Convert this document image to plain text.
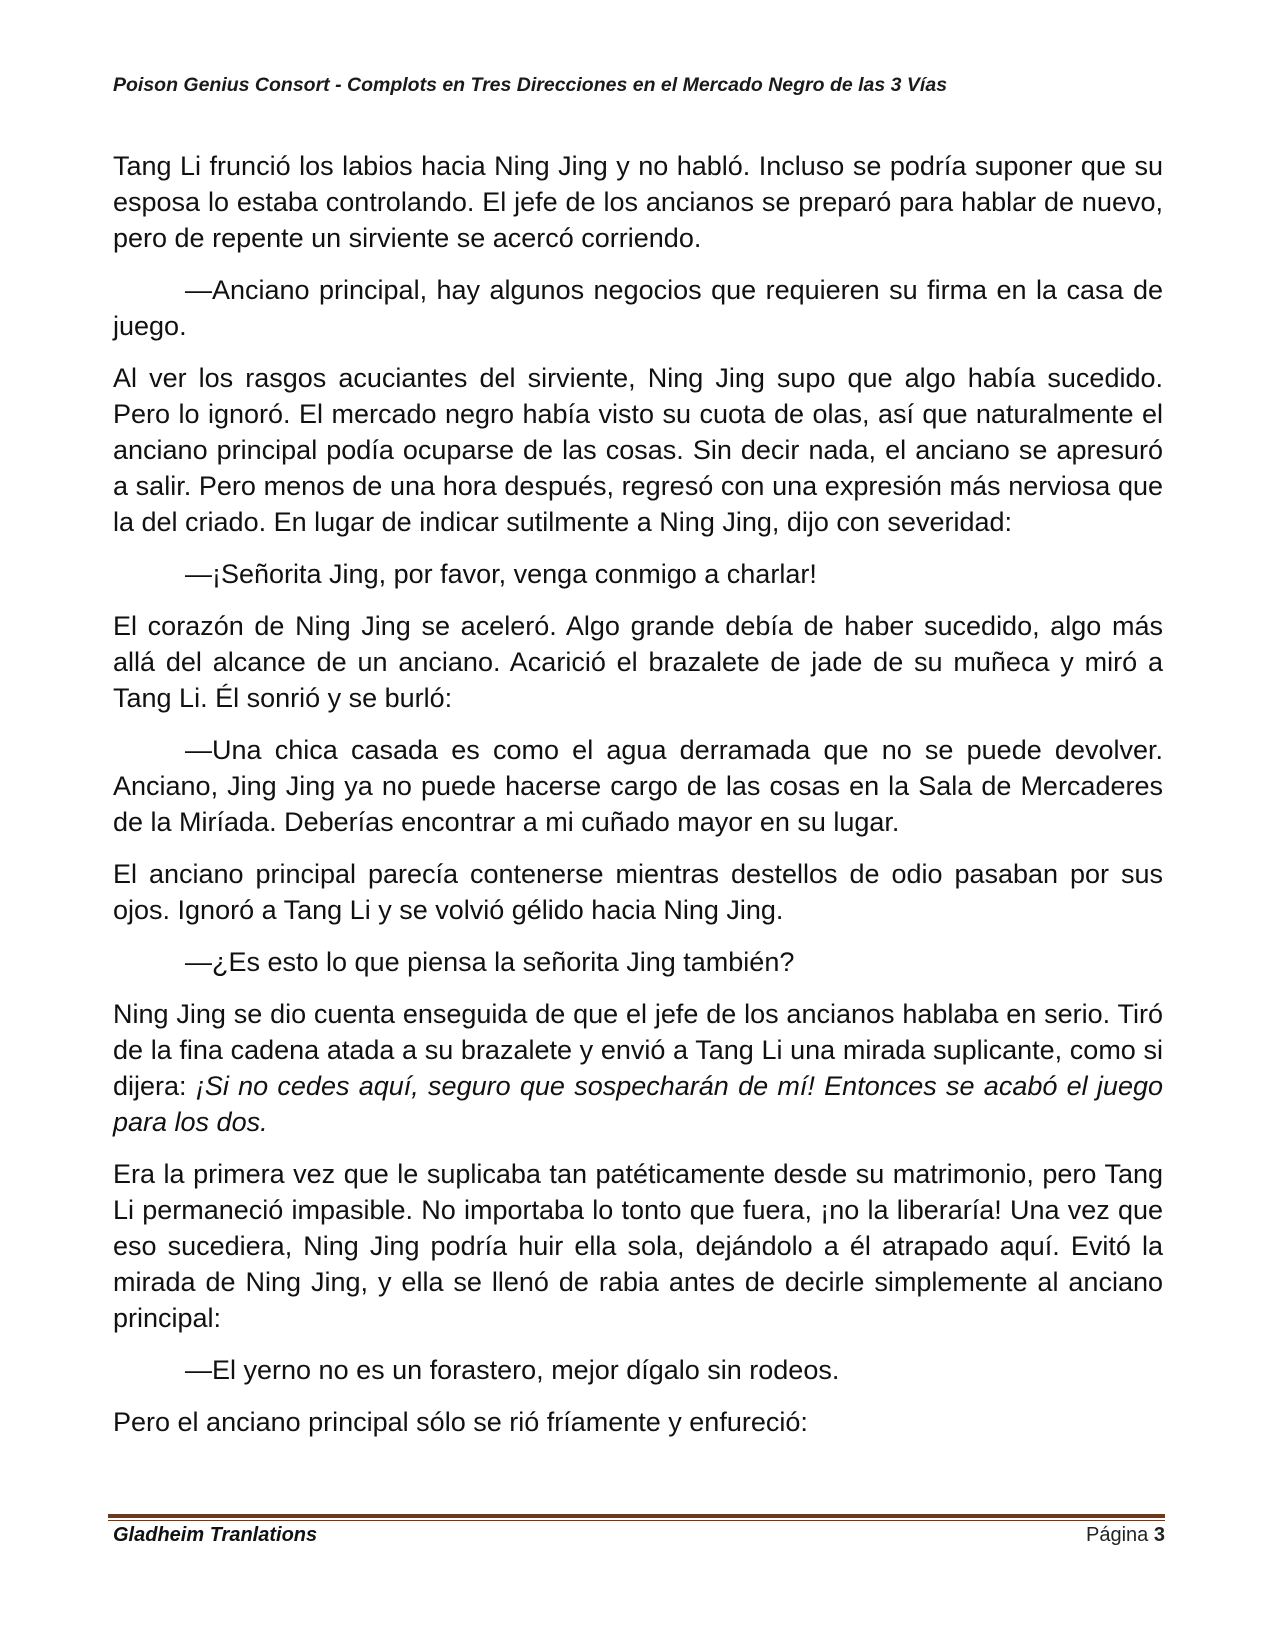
Poison Genius Consort - Complots en Tres Direcciones en el Mercado Negro de las 3 Vías

Tang Li frunció los labios hacia Ning Jing y no habló. Incluso se podría suponer que su esposa lo estaba controlando. El jefe de los ancianos se preparó para hablar de nuevo, pero de repente un sirviente se acercó corriendo.

—Anciano principal, hay algunos negocios que requieren su firma en la casa de juego.

Al ver los rasgos acuciantes del sirviente, Ning Jing supo que algo había sucedido. Pero lo ignoró. El mercado negro había visto su cuota de olas, así que naturalmente el anciano principal podía ocuparse de las cosas. Sin decir nada, el anciano se apresuró a salir. Pero menos de una hora después, regresó con una expresión más nerviosa que la del criado. En lugar de indicar sutilmente a Ning Jing, dijo con severidad:

—¡Señorita Jing, por favor, venga conmigo a charlar!

El corazón de Ning Jing se aceleró. Algo grande debía de haber sucedido, algo más allá del alcance de un anciano. Acarició el brazalete de jade de su muñeca y miró a Tang Li. Él sonrió y se burló:

—Una chica casada es como el agua derramada que no se puede devolver. Anciano, Jing Jing ya no puede hacerse cargo de las cosas en la Sala de Mercaderes de la Miríada. Deberías encontrar a mi cuñado mayor en su lugar.

El anciano principal parecía contenerse mientras destellos de odio pasaban por sus ojos. Ignoró a Tang Li y se volvió gélido hacia Ning Jing.

—¿Es esto lo que piensa la señorita Jing también?

Ning Jing se dio cuenta enseguida de que el jefe de los ancianos hablaba en serio. Tiró de la fina cadena atada a su brazalete y envió a Tang Li una mirada suplicante, como si dijera: ¡Si no cedes aquí, seguro que sospecharán de mí! Entonces se acabó el juego para los dos.

Era la primera vez que le suplicaba tan patéticamente desde su matrimonio, pero Tang Li permaneció impasible. No importaba lo tonto que fuera, ¡no la liberaría! Una vez que eso sucediera, Ning Jing podría huir ella sola, dejándolo a él atrapado aquí. Evitó la mirada de Ning Jing, y ella se llenó de rabia antes de decirle simplemente al anciano principal:

—El yerno no es un forastero, mejor dígalo sin rodeos.

Pero el anciano principal sólo se rió fríamente y enfureció:

Gladheim Tranlations	Página 3
